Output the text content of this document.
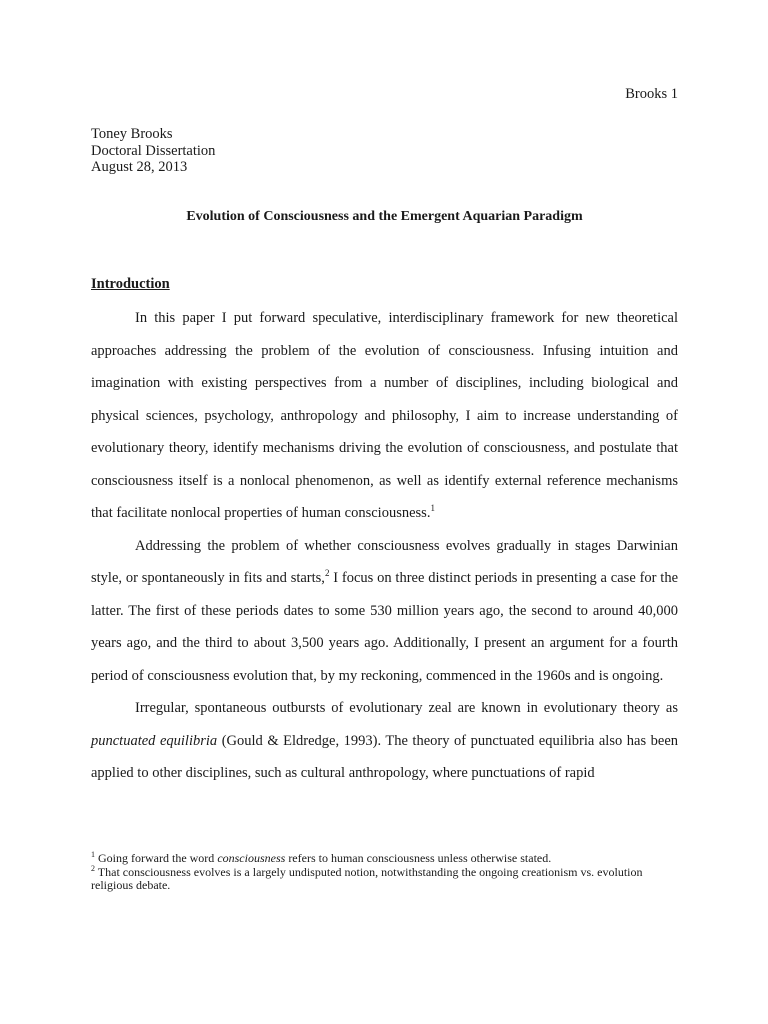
Brooks 1
Toney Brooks
Doctoral Dissertation
August 28, 2013
Evolution of Consciousness and the Emergent Aquarian Paradigm
Introduction

In this paper I put forward speculative, interdisciplinary framework for new theoretical approaches addressing the problem of the evolution of consciousness. Infusing intuition and imagination with existing perspectives from a number of disciplines, including biological and physical sciences, psychology, anthropology and philosophy, I aim to increase understanding of evolutionary theory, identify mechanisms driving the evolution of consciousness, and postulate that consciousness itself is a nonlocal phenomenon, as well as identify external reference mechanisms that facilitate nonlocal properties of human consciousness.$^1$

Addressing the problem of whether consciousness evolves gradually in stages Darwinian style, or spontaneously in fits and starts,$^2$ I focus on three distinct periods in presenting a case for the latter. The first of these periods dates to some 530 million years ago, the second to around 40,000 years ago, and the third to about 3,500 years ago. Additionally, I present an argument for a fourth period of consciousness evolution that, by my reckoning, commenced in the 1960s and is ongoing.

Irregular, spontaneous outbursts of evolutionary zeal are known in evolutionary theory as punctuated equilibria (Gould & Eldredge, 1993). The theory of punctuated equilibria also has been applied to other disciplines, such as cultural anthropology, where punctuations of rapid

$^1$ Going forward the word consciousness refers to human consciousness unless otherwise stated.

$^2$ That consciousness evolves is a largely undisputed notion, notwithstanding the ongoing creationism vs. evolution religious debate.
